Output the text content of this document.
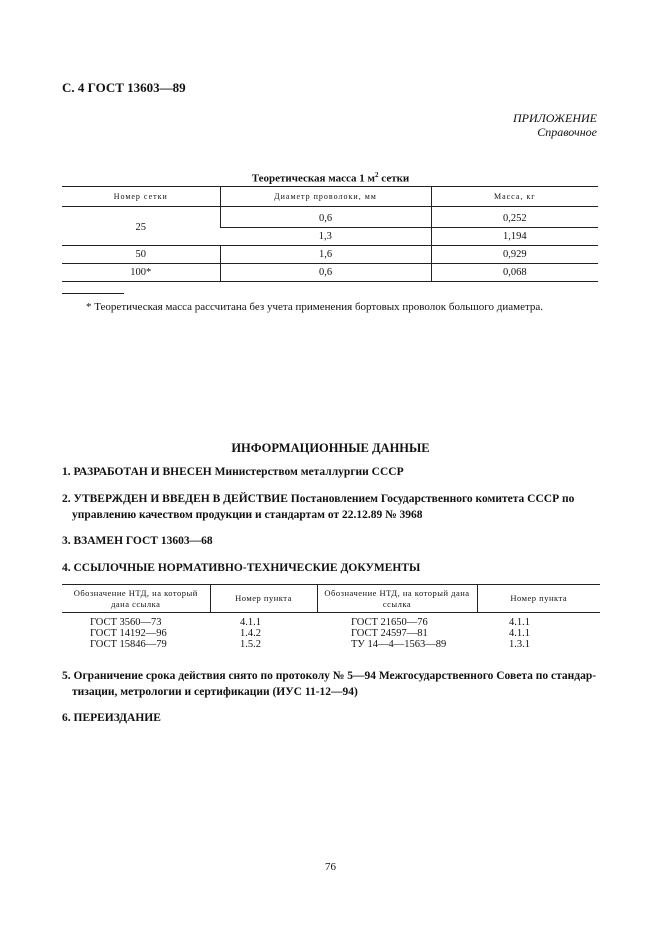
С. 4 ГОСТ 13603—89
ПРИЛОЖЕНИЕ
Справочное
Теоретическая масса 1 $м^2$ сетки
Номер сетки	Диаметр проволоки, мм	Масса, кг
25	0,6	0,252
	1,3	1,194
50	1,6	0,929
100*	0,6	0,068
* Теоретическая масса рассчитана без учета применения бортовых проволок большого диаметра.
ИНФОРМАЦИОННЫЕ ДАННЫЕ
1. РАЗРАБОТАН И ВНЕСЕН Министерством металлургии СССР
2. УТВЕРЖДЕН И ВВЕДЕН В ДЕЙСТВИЕ Постановлением Государственного комитета СССР по
управлению качеством продукции и стандартам от 22.12.89 № 3968
3. ВЗАМЕН ГОСТ 13603—68
4. ССЫЛОЧНЫЕ НОРМАТИВНО-ТЕХНИЧЕСКИЕ ДОКУМЕНТЫ
Обозначение НТД, на который дана ссылка	Номер пункта	Обозначение НТД, на который дана ссылка	Номер пункта
ГОСТ 3560—73	4.1.1	ГОСТ 21650—76	4.1.1
ГОСТ 14192—96	1.4.2	ГОСТ 24597—81	4.1.1
ГОСТ 15846—79	1.5.2	ТУ 14—4—1563—89	1.3.1
5. Ограничение срока действия снято по протоколу № 5—94 Межгосударственного Совета по стандар-
тизации, метрологии и сертификации (ИУС 11-12—94)
6. ПЕРЕИЗДАНИЕ
76
